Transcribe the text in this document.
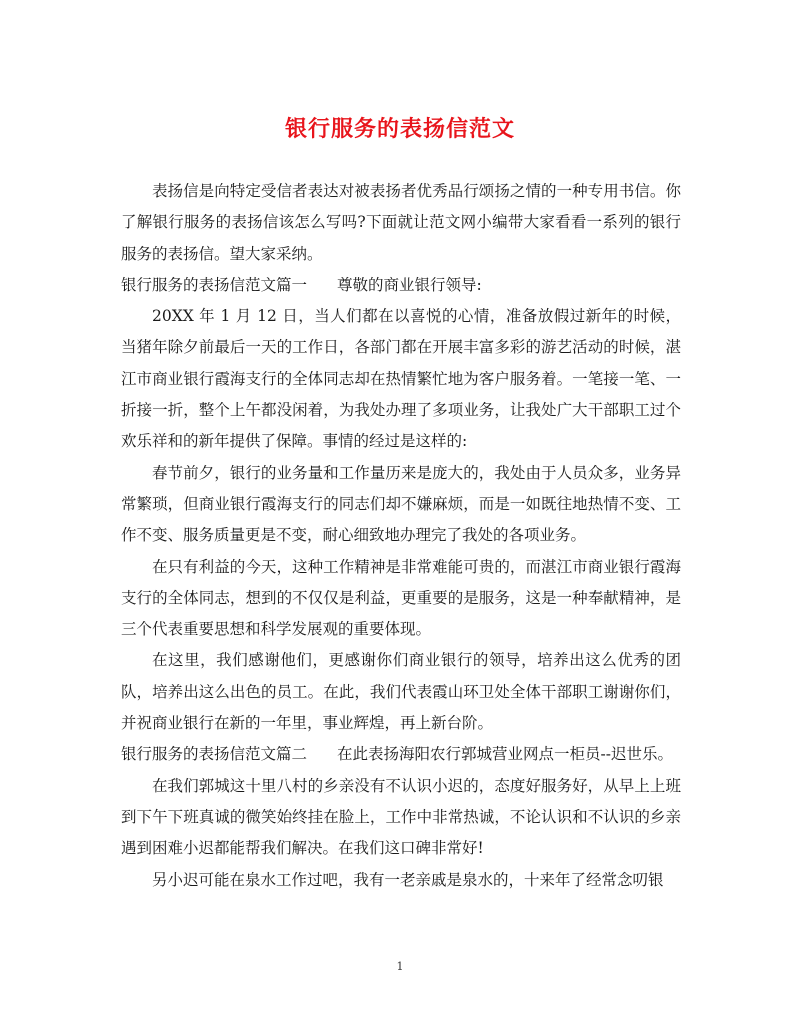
银行服务的表扬信范文

表扬信是向特定受信者表达对被表扬者优秀品行颂扬之情的一种专用书信。你了解银行服务的表扬信该怎么写吗?下面就让范文网小编带大家看看一系列的银行服务的表扬信。望大家采纳。

银行服务的表扬信范文篇一 尊敬的商业银行领导:

20XX 年 1 月 12 日，当人们都在以喜悦的心情，准备放假过新年的时候，当猪年除夕前最后一天的工作日，各部门都在开展丰富多彩的游艺活动的时候，湛江市商业银行霞海支行的全体同志却在热情繁忙地为客户服务着。一笔接一笔、一折接一折，整个上午都没闲着，为我处办理了多项业务，让我处广大干部职工过个欢乐祥和的新年提供了保障。事情的经过是这样的:

春节前夕，银行的业务量和工作量历来是庞大的，我处由于人员众多，业务异常繁琐，但商业银行霞海支行的同志们却不嫌麻烦，而是一如既往地热情不变、工作不变、服务质量更是不变，耐心细致地办理完了我处的各项业务。

在只有利益的今天，这种工作精神是非常难能可贵的，而湛江市商业银行霞海支行的全体同志，想到的不仅仅是利益，更重要的是服务，这是一种奉献精神，是三个代表重要思想和科学发展观的重要体现。

在这里，我们感谢他们，更感谢你们商业银行的领导，培养出这么优秀的团队，培养出这么出色的员工。在此，我们代表霞山环卫处全体干部职工谢谢你们，并祝商业银行在新的一年里，事业辉煌，再上新台阶。

银行服务的表扬信范文篇二 在此表扬海阳农行郭城营业网点一柜员--迟世乐。

在我们郭城这十里八村的乡亲没有不认识小迟的，态度好服务好，从早上上班到下午下班真诚的微笑始终挂在脸上，工作中非常热诚，不论认识和不认识的乡亲遇到困难小迟都能帮我们解决。在我们这口碑非常好!

另小迟可能在泉水工作过吧，我有一老亲戚是泉水的，十来年了经常念叨银

1
